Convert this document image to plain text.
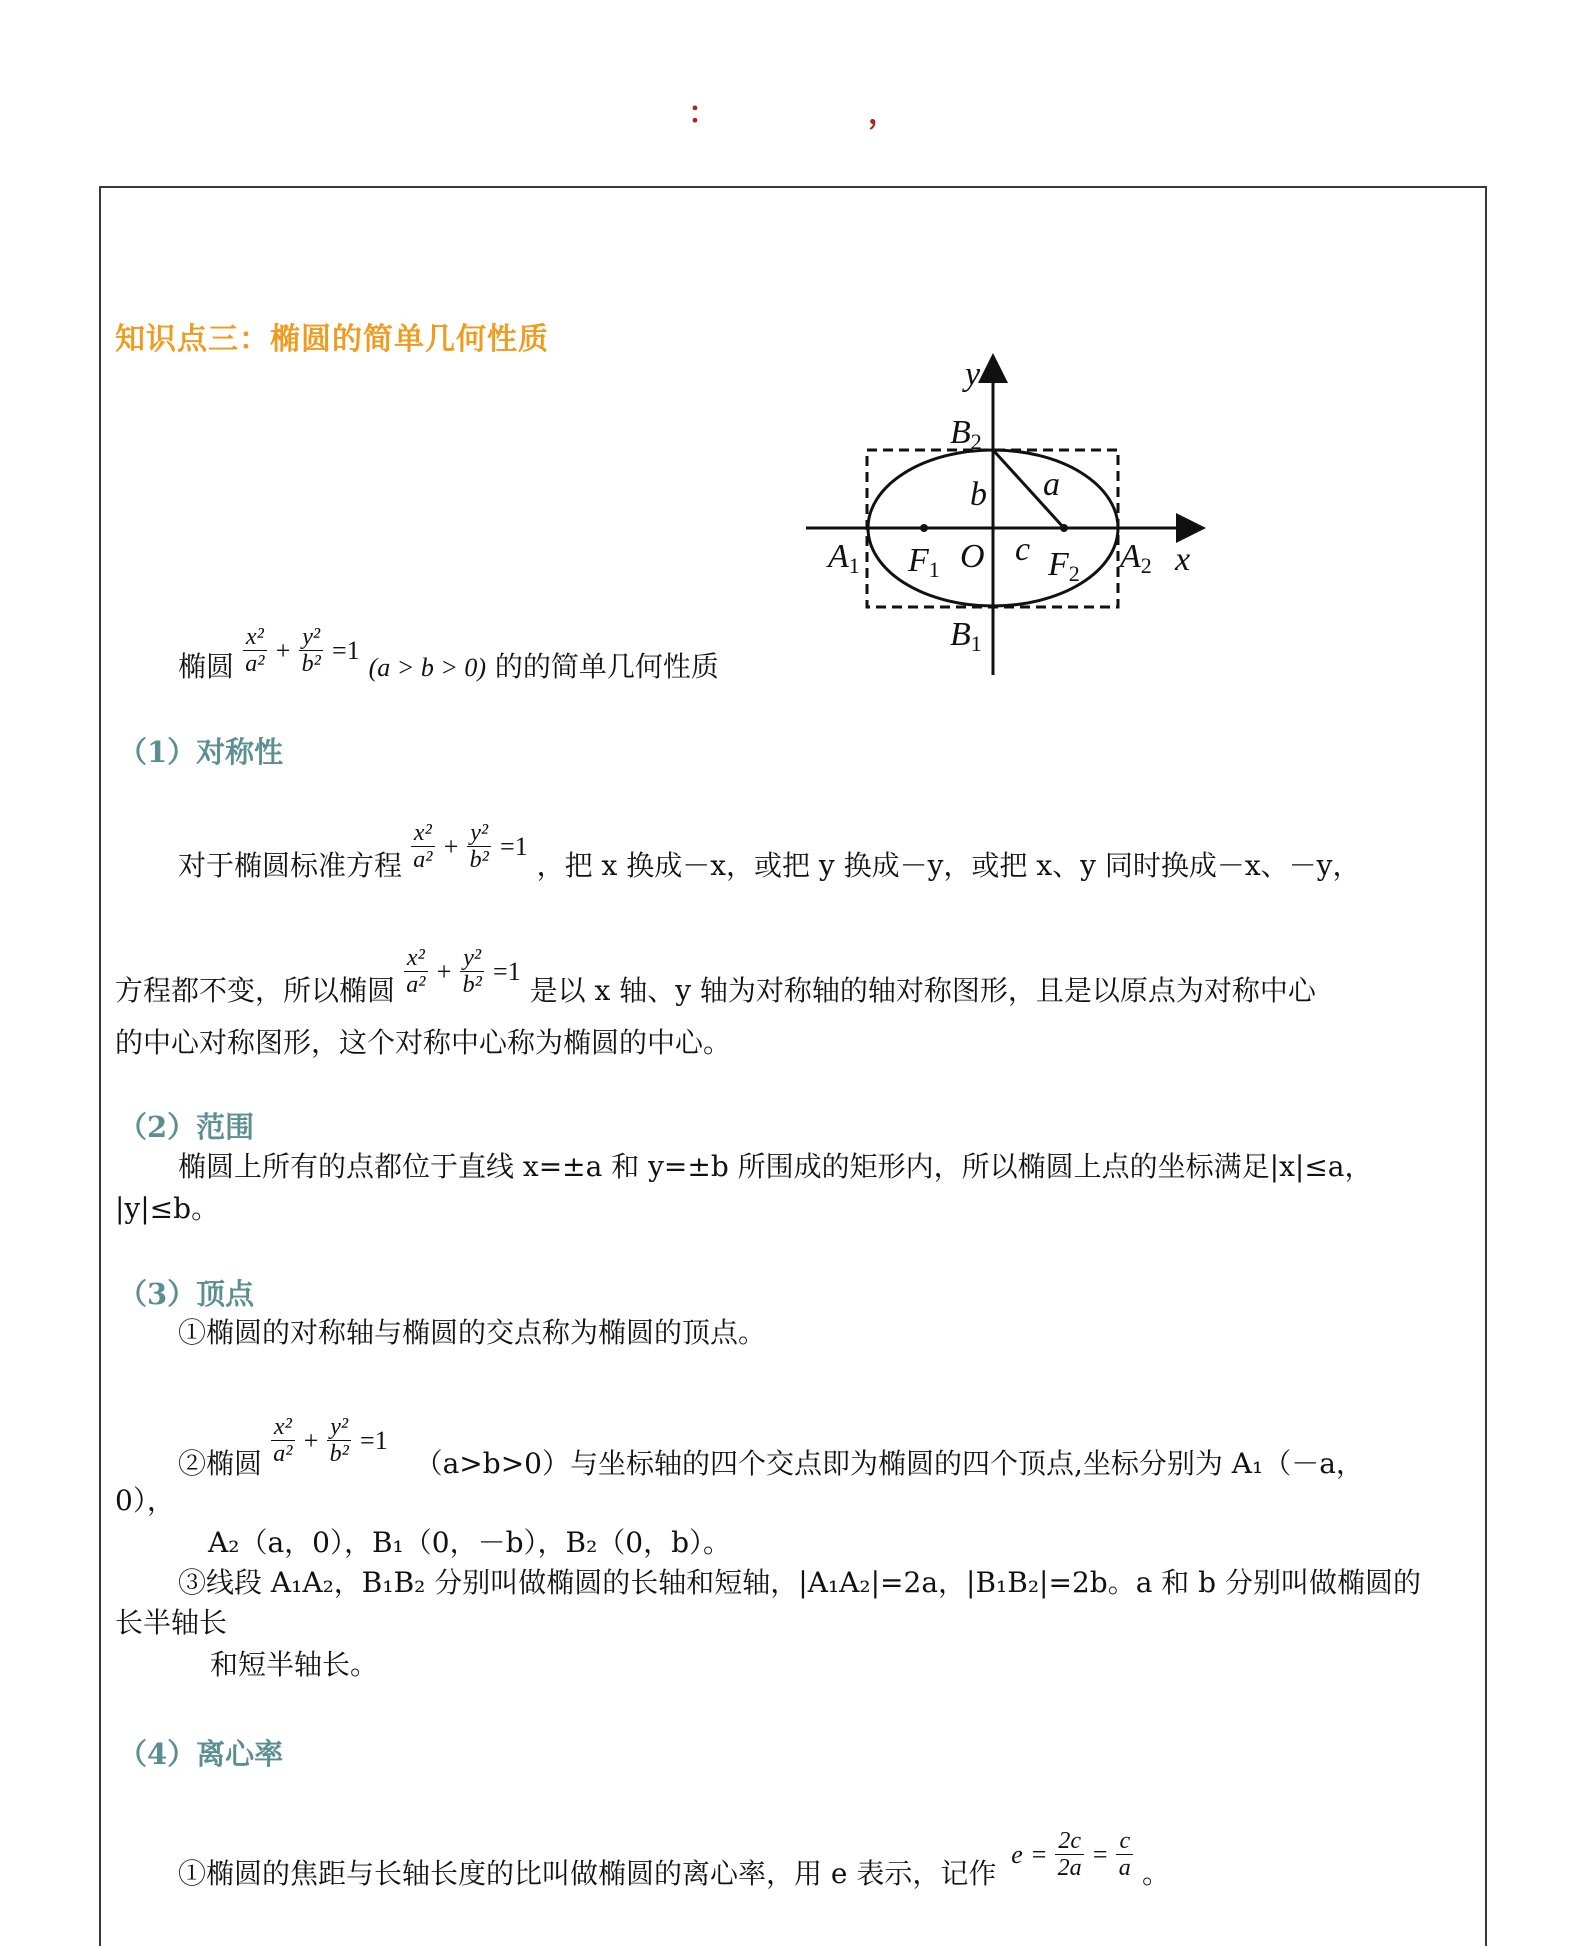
：	，
知识点三：椭圆的简单几何性质
y
x
B2
B1
A1	A2
F1	F2
O
a
b
c
椭圆 $\frac{\text{x²}}{\text{a²}} + \frac{\text{y²}}{\text{b²}} =1$ (a > b > 0) 的的简单几何性质
（1）对称性
对于椭圆标准方程 $\frac{\text{x²}}{\text{a²}} + \frac{\text{y²}}{\text{b²}} =1$ ，把 x 换成－x，或把 y 换成－y，或把 x、y 同时换成－x、－y，
方程都不变，所以椭圆 $\frac{\text{x²}}{\text{a²}} + \frac{\text{y²}}{\text{b²}} =1$ 是以 x 轴、y 轴为对称轴的轴对称图形，且是以原点为对称中心
的中心对称图形，这个对称中心称为椭圆的中心。
（2）范围
椭圆上所有的点都位于直线 x=±a 和 y=±b 所围成的矩形内，所以椭圆上点的坐标满足|x|≤a，
|y|≤b。
（3）顶点
①椭圆的对称轴与椭圆的交点称为椭圆的顶点。
②椭圆 $\frac{\text{x²}}{\text{a²}} + \frac{\text{y²}}{\text{b²}} =1$ （a>b>0）与坐标轴的四个交点即为椭圆的四个顶点,坐标分别为 A₁（－a，
0），
A₂（a，0），B₁（0，－b），B₂（0，b）。
③线段 A₁A₂，B₁B₂ 分别叫做椭圆的长轴和短轴，|A₁A₂|=2a，|B₁B₂|=2b。a 和 b 分别叫做椭圆的
长半轴长
和短半轴长。
（4）离心率
①椭圆的焦距与长轴长度的比叫做椭圆的离心率，用 e 表示，记作 $e = \frac{2c}{2a} = \frac{c}{a}$ 。
